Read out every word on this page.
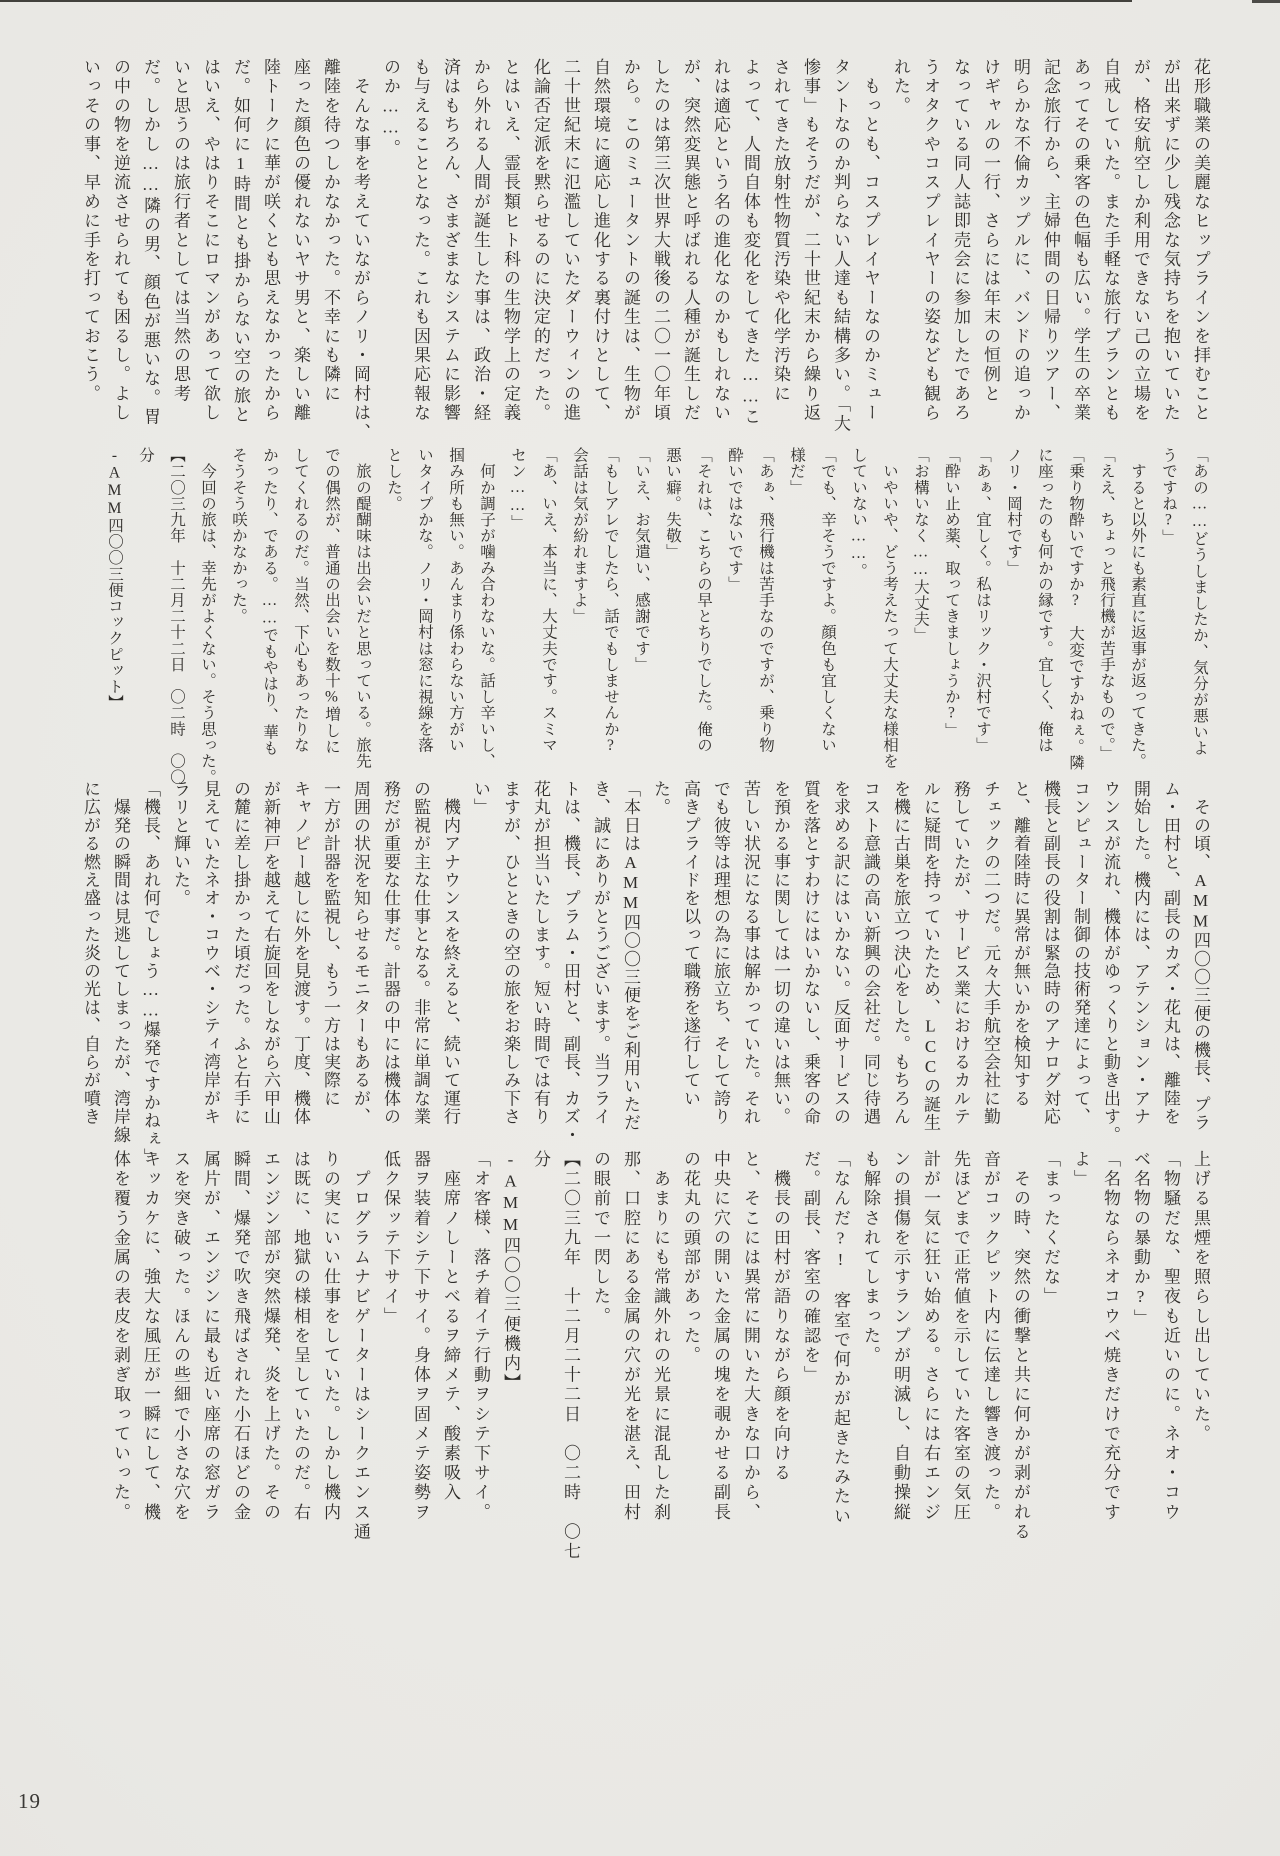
花形職業の美麗なヒップラインを拝むこと
が出来ずに少し残念な気持ちを抱いていた
が、格安航空しか利用できない己の立場を
自戒していた。また手軽な旅行プランとも
あってその乗客の色幅も広い。学生の卒業
記念旅行から、主婦仲間の日帰りツアー、
明らかな不倫カップルに、バンドの追っか
けギャルの一行、さらには年末の恒例と
なっている同人誌即売会に参加したであろ
うオタクやコスプレイヤーの姿なども観ら
れた。
　もっとも、コスプレイヤーなのかミュー
タントなのか判らない人達も結構多い。「大
惨事」もそうだが、二十世紀末から繰り返
されてきた放射性物質汚染や化学汚染に
よって、人間自体も変化をしてきた……こ
れは適応という名の進化なのかもしれない
が、突然変異態と呼ばれる人種が誕生しだ
したのは第三次世界大戦後の二〇一〇年頃
から。このミュータントの誕生は、生物が
自然環境に適応し進化する裏付けとして、
二十世紀末に氾濫していたダーウィンの進
化論否定派を黙らせるのに決定的だった。
とはいえ、霊長類ヒト科の生物学上の定義
から外れる人間が誕生した事は、政治・経
済はもちろん、さまざまなシステムに影響
も与えることとなった。これも因果応報な
のか……。
　そんな事を考えていながらノリ・岡村は、
離陸を待つしかなかった。不幸にも隣に
座った顔色の優れないヤサ男と、楽しい離
陸トークに華が咲くとも思えなかったから
だ。如何に1時間とも掛からない空の旅と
はいえ、やはりそこにロマンがあって欲し
いと思うのは旅行者としては当然の思考
だ。しかし……隣の男、顔色が悪いな。胃
の中の物を逆流させられても困るし。よし
いっその事、早めに手を打っておこう。
「あの……どうしましたか、気分が悪いよ
うですね?」
　すると以外にも素直に返事が返ってきた。
「ええ、ちょっと飛行機が苦手なもので。」
「乗り物酔いですか?　大変ですかねぇ。隣
に座ったのも何かの縁です。宜しく、俺は
ノリ・岡村です」
「あぁ、宜しく。私はリック・沢村です」
「酔い止め薬、取ってきましょうか?」
「お構いなく……大丈夫」
　いやいや、どう考えたって大丈夫な様相を
していない……。
「でも、辛そうですよ。顔色も宜しくない
様だ」
「あぁ、飛行機は苦手なのですが、乗り物
酔いではないです」
「それは、こちらの早とちりでした。俺の
悪い癖。失敬」
「いえ、お気遣い、感謝です」
「もしアレでしたら、話でもしませんか?
会話は気が紛れますよ」
「あ、いえ、本当に、大丈夫です。スミマ
セン……」
　何か調子が噛み合わないな。話し辛いし、
掴み所も無い。あんまり係わらない方がい
いタイプかな。ノリ・岡村は窓に視線を落
とした。
　旅の醍醐味は出会いだと思っている。旅先
での偶然が、普通の出会いを数十%増しに
してくれるのだ。当然、下心もあったりな
かったり、である。……でもやはり、華も
そうそう咲かなかった。
　今回の旅は、幸先がよくない。そう思った。
【二〇三九年　十二月二十二日　〇二時　〇〇
分
-AMM四〇〇三便コックピット】
　その頃、AMM四〇〇三便の機長、プラ
ム・田村と、副長のカズ・花丸は、離陸を
開始した。機内には、アテンション・アナ
ウンスが流れ、機体がゆっくりと動き出す。
コンピューター制御の技術発達によって、
機長と副長の役割は緊急時のアナログ対応
と、離着陸時に異常が無いかを検知する
チェックの二つだ。元々大手航空会社に勤
務していたが、サービス業におけるカルテ
ルに疑問を持っていたため、LCCの誕生
を機に古巣を旅立つ決心をした。もちろん
コスト意識の高い新興の会社だ。同じ待遇
を求める訳にはいかない。反面サービスの
質を落とすわけにはいかないし、乗客の命
を預かる事に関しては一切の違いは無い。
苦しい状況になる事は解かっていた。それ
でも彼等は理想の為に旅立ち、そして誇り
高きプライドを以って職務を遂行してい
た。
「本日はAMM四〇〇三便をご利用いただ
き、誠にありがとうございます。当フライ
トは、機長、プラム・田村と、副長、カズ・
花丸が担当いたします。短い時間では有り
ますが、ひとときの空の旅をお楽しみ下さ
い」
　機内アナウンスを終えると、続いて運行
の監視が主な仕事となる。非常に単調な業
務だが重要な仕事だ。計器の中には機体の
周囲の状況を知らせるモニターもあるが、
一方が計器を監視し、もう一方は実際に
キャノピー越しに外を見渡す。丁度、機体
が新神戸を越えて右旋回をしながら六甲山
の麓に差し掛かった頃だった。ふと右手に
見えていたネオ・コウベ・シティ湾岸がキ
ラリと輝いた。
「機長、あれ何でしょう……爆発ですかねぇ」
　爆発の瞬間は見逃してしまったが、湾岸線
に広がる燃え盛った炎の光は、自らが噴き
上げる黒煙を照らし出していた。
「物騒だな、聖夜も近いのに。ネオ・コウ
ベ名物の暴動か?」
「名物ならネオコウベ焼きだけで充分です
よ」
「まったくだな」
　その時、突然の衝撃と共に何かが剥がれる
音がコックピット内に伝達し響き渡った。
先ほどまで正常値を示していた客室の気圧
計が一気に狂い始める。さらには右エンジ
ンの損傷を示すランプが明滅し、自動操縦
も解除されてしまった。
「なんだ?!　客室で何かが起きたみたい
だ。副長、客室の確認を」
　機長の田村が語りながら顔を向ける
と、そこには異常に開いた大きな口から、
中央に穴の開いた金属の塊を覗かせる副長
の花丸の頭部があった。
　あまりにも常識外れの光景に混乱した刹
那、口腔にある金属の穴が光を湛え、田村
の眼前で一閃した。
【二〇三九年　十二月二十二日　〇二時　〇七
分
-AMM四〇〇三便機内】
「オ客様、落チ着イテ行動ヲシテ下サイ。
　座席ノしーとべるヲ締メテ、酸素吸入
器ヲ装着シテ下サイ。身体ヲ固メテ姿勢ヲ
低ク保ッテ下サイ」
　プログラムナビゲーターはシークエンス通
りの実にいい仕事をしていた。しかし機内
は既に、地獄の様相を呈していたのだ。右
エンジン部が突然爆発、炎を上げた。その
瞬間、爆発で吹き飛ばされた小石ほどの金
属片が、エンジンに最も近い座席の窓ガラ
スを突き破った。ほんの些細で小さな穴を
キッカケに、強大な風圧が一瞬にして、機
体を覆う金属の表皮を剥ぎ取っていった。
19
